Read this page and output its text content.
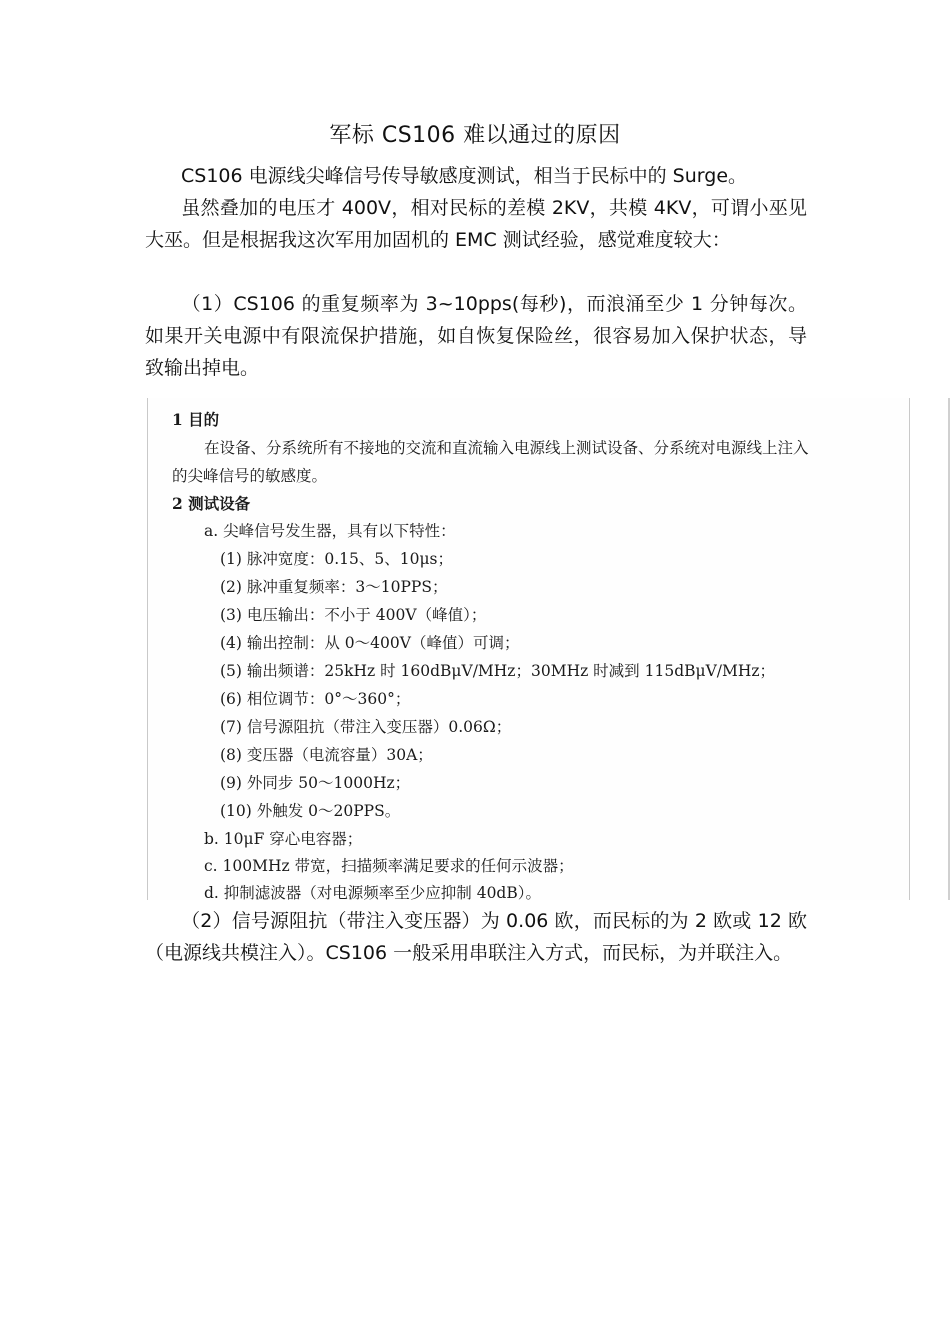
军标 CS106 难以通过的原因
CS106 电源线尖峰信号传导敏感度测试，相当于民标中的 Surge。
虽然叠加的电压才 400V，相对民标的差模 2KV，共模 4KV，可谓小巫见大巫。但是根据我这次军用加固机的 EMC 测试经验，感觉难度较大：
（1）CS106 的重复频率为 3~10pps(每秒)，而浪涌至少 1 分钟每次。如果开关电源中有限流保护措施，如自恢复保险丝，很容易加入保护状态，导致输出掉电。
1 目的
在设备、分系统所有不接地的交流和直流输入电源线上测试设备、分系统对电源线上注入
的尖峰信号的敏感度。
2 测试设备
a. 尖峰信号发生器，具有以下特性：
(1) 脉冲宽度：0.15、5、10μs；
(2) 脉冲重复频率：3～10PPS；
(3) 电压输出：不小于 400V（峰值）；
(4) 输出控制：从 0～400V（峰值）可调；
(5) 输出频谱：25kHz 时 160dBμV/MHz；30MHz 时减到 115dBμV/MHz；
(6) 相位调节：0°～360°；
(7) 信号源阻抗（带注入变压器）0.06Ω；
(8) 变压器（电流容量）30A；
(9) 外同步 50～1000Hz；
(10) 外触发 0～20PPS。
b. 10μF 穿心电容器；
c. 100MHz 带宽，扫描频率满足要求的任何示波器；
d. 抑制滤波器（对电源频率至少应抑制 40dB）。
（2）信号源阻抗（带注入变压器）为 0.06 欧，而民标的为 2 欧或 12 欧（电源线共模注入）。CS106 一般采用串联注入方式，而民标，为并联注入。
